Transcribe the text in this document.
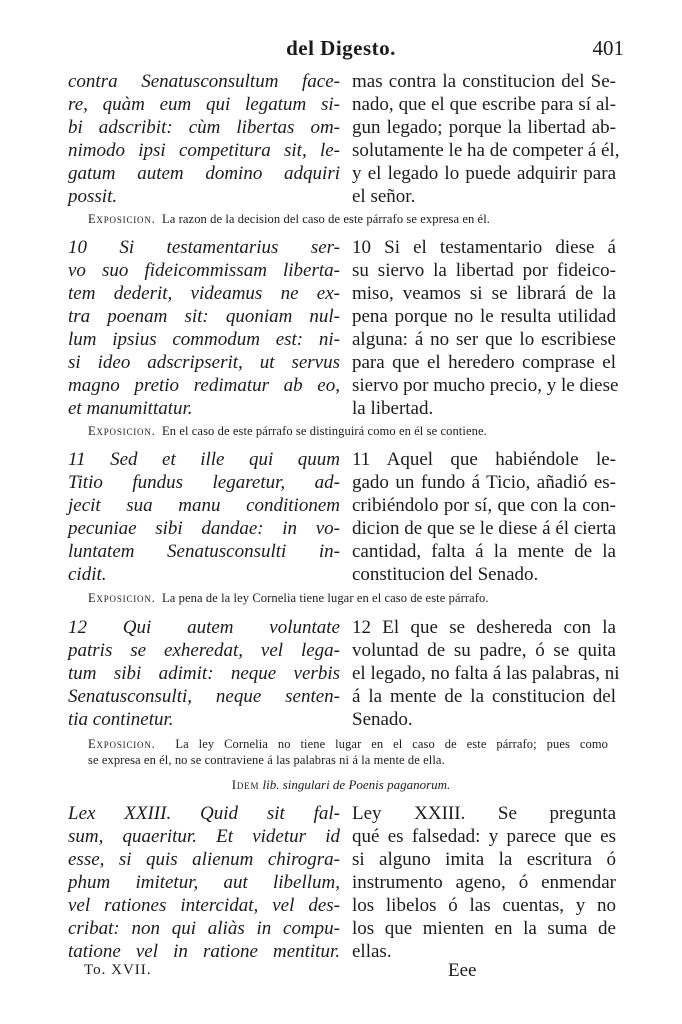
del Digesto.	401
contra Senatusconsultum face-
re, quàm eum qui legatum si-
bi adscribit: cùm libertas om-
nimodo ipsi competitura sit, le-
gatum autem domino adquiri
possit.
mas contra la constitucion del Se-
nado, que el que escribe para sí al-
gun legado; porque la libertad ab-
solutamente le ha de competer á él,
y el legado lo puede adquirir para
el señor.
Exposicion. La razon de la decision del caso de este párrafo se expresa en él.
10 Si testamentarius ser-
vo suo fideicommissam liberta-
tem dederit, videamus ne ex-
tra poenam sit: quoniam nul-
lum ipsius commodum est: ni-
si ideo adscripserit, ut servus
magno pretio redimatur ab eo,
et manumittatur.
10 Si el testamentario diese á
su siervo la libertad por fideico-
miso, veamos si se librará de la
pena porque no le resulta utilidad
alguna: á no ser que lo escribiese
para que el heredero comprase el
siervo por mucho precio, y le diese
la libertad.
Exposicion. En el caso de este párrafo se distinguirá como en él se contiene.
11 Sed et ille qui quum
Titio fundus legaretur, ad-
jecit sua manu conditionem
pecuniae sibi dandae: in vo-
luntatem Senatusconsulti in-
cidit.
11 Aquel que habiéndole le-
gado un fundo á Ticio, añadió es-
cribiéndolo por sí, que con la con-
dicion de que se le diese á él cierta
cantidad, falta á la mente de la
constitucion del Senado.
Exposicion. La pena de la ley Cornelia tiene lugar en el caso de este párrafo.
12 Qui autem voluntate
patris se exheredat, vel lega-
tum sibi adimit: neque verbis
Senatusconsulti, neque senten-
tia continetur.
12 El que se deshereda con la
voluntad de su padre, ó se quita
el legado, no falta á las palabras, ni
á la mente de la constitucion del
Senado.
Exposicion. La ley Cornelia no tiene lugar en el caso de este párrafo; pues como
se expresa en él, no se contraviene á las palabras ni á la mente de ella.
Idem lib. singulari de Poenis paganorum.
Lex XXIII. Quid sit fal-
sum, quaeritur. Et videtur id
esse, si quis alienum chirogra-
phum imitetur, aut libellum,
vel rationes intercidat, vel des-
cribat: non qui aliàs in compu-
tatione vel in ratione mentitur.
Ley XXIII. Se pregunta
qué es falsedad: y parece que es
si alguno imita la escritura ó
instrumento ageno, ó enmendar
los libelos ó las cuentas, y no
los que mienten en la suma de
ellas.
To. XVII.	Eee
